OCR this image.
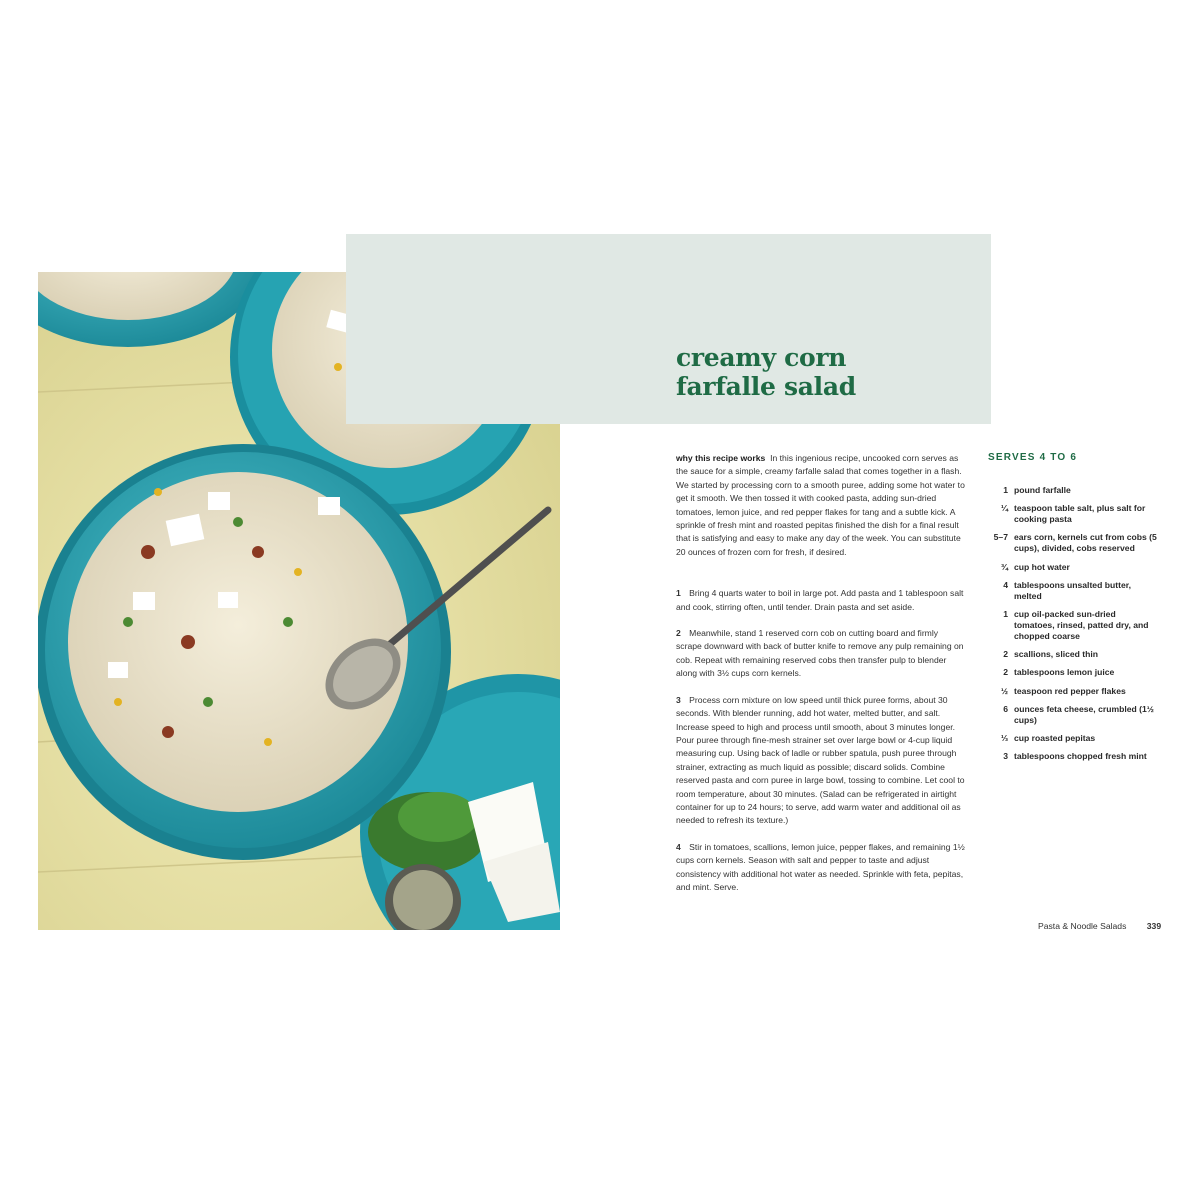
creamy corn
farfalle salad

why this recipe works In this ingenious recipe, uncooked corn serves as the sauce for a simple, creamy farfalle salad that comes together in a flash. We started by processing corn to a smooth puree, adding some hot water to get it smooth. We then tossed it with cooked pasta, adding sun-dried tomatoes, lemon juice, and red pepper flakes for tang and a subtle kick. A sprinkle of fresh mint and roasted pepitas finished the dish for a final result that is satisfying and easy to make any day of the week. You can substitute 20 ounces of frozen corn for fresh, if desired.

1 Bring 4 quarts water to boil in large pot. Add pasta and 1 tablespoon salt and cook, stirring often, until tender. Drain pasta and set aside.

2 Meanwhile, stand 1 reserved corn cob on cutting board and firmly scrape downward with back of butter knife to remove any pulp remaining on cob. Repeat with remaining reserved cobs then transfer pulp to blender along with 3½ cups corn kernels.

3 Process corn mixture on low speed until thick puree forms, about 30 seconds. With blender running, add hot water, melted butter, and salt. Increase speed to high and process until smooth, about 3 minutes longer. Pour puree through fine-mesh strainer set over large bowl or 4-cup liquid measuring cup. Using back of ladle or rubber spatula, push puree through strainer, extracting as much liquid as possible; discard solids. Combine reserved pasta and corn puree in large bowl, tossing to combine. Let cool to room temperature, about 30 minutes. (Salad can be refrigerated in airtight container for up to 24 hours; to serve, add warm water and additional oil as needed to refresh its texture.)

4 Stir in tomatoes, scallions, lemon juice, pepper flakes, and remaining 1½ cups corn kernels. Season with salt and pepper to taste and adjust consistency with additional hot water as needed. Sprinkle with feta, pepitas, and mint. Serve.

SERVES 4 TO 6

1 pound farfalle
¼ teaspoon table salt, plus salt for cooking pasta
5–7 ears corn, kernels cut from cobs (5 cups), divided, cobs reserved
¾ cup hot water
4 tablespoons unsalted butter, melted
1 cup oil-packed sun-dried tomatoes, rinsed, patted dry, and chopped coarse
2 scallions, sliced thin
2 tablespoons lemon juice
½ teaspoon red pepper flakes
6 ounces feta cheese, crumbled (1½ cups)
⅓ cup roasted pepitas
3 tablespoons chopped fresh mint
Pasta & Noodle Salads 339
